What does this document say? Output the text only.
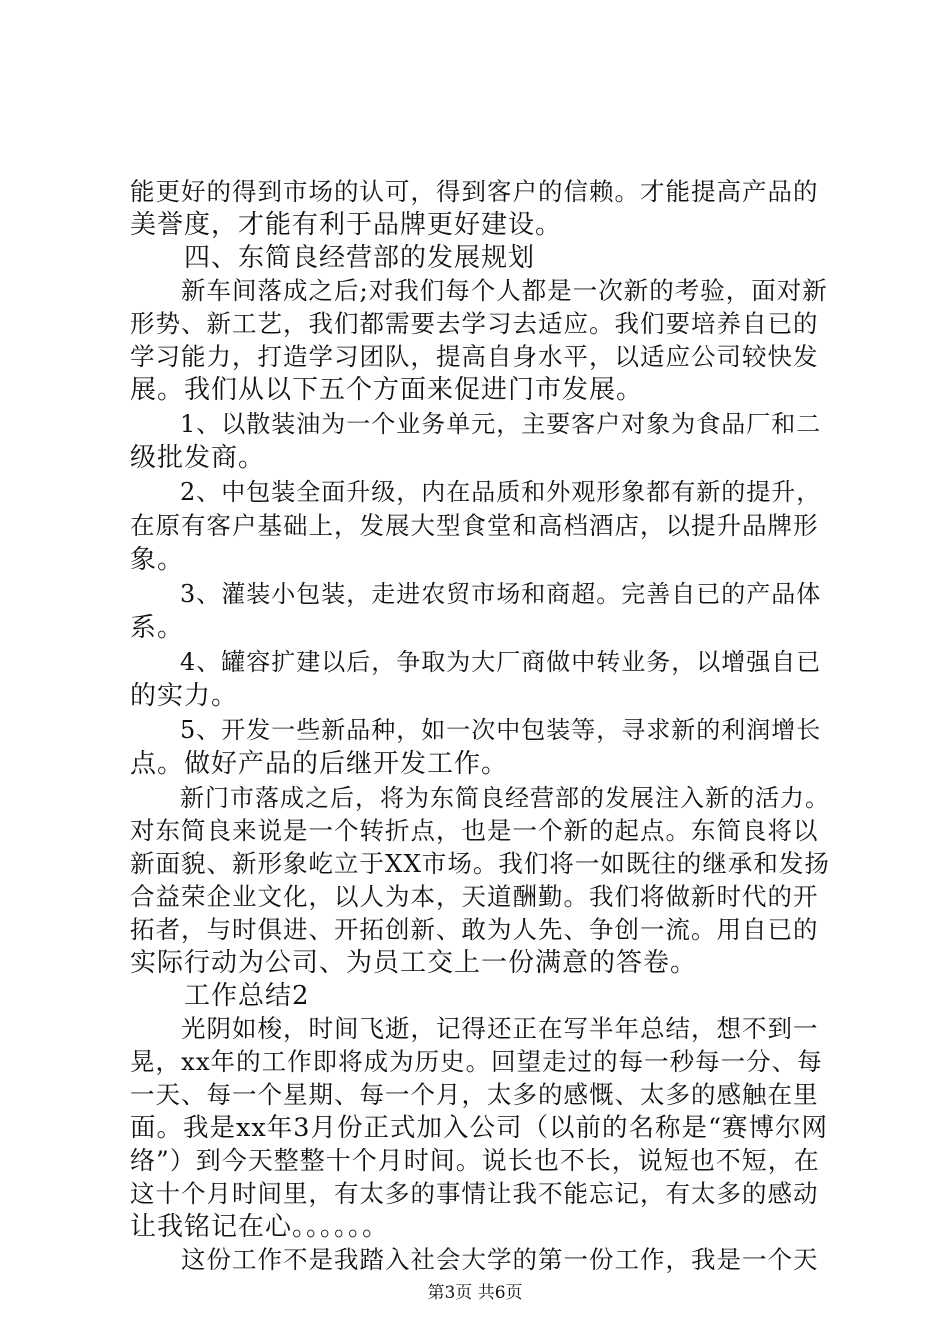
能更好的得到市场的认可，得到客户的信赖。才能提高产品的
美誉度，才能有利于品牌更好建设。
　　四、东简良经营部的发展规划
　　新车间落成之后;对我们每个人都是一次新的考验，面对新
形势、新工艺，我们都需要去学习去适应。我们要培养自已的
学习能力，打造学习团队，提高自身水平，以适应公司较快发
展。我们从以下五个方面来促进门市发展。
　　1、以散装油为一个业务单元，主要客户对象为食品厂和二
级批发商。
　　2、中包装全面升级，内在品质和外观形象都有新的提升，
在原有客户基础上，发展大型食堂和高档酒店，以提升品牌形
象。
　　3、灌装小包装，走进农贸市场和商超。完善自已的产品体
系。
　　4、罐容扩建以后，争取为大厂商做中转业务，以增强自已
的实力。
　　5、开发一些新品种，如一次中包装等，寻求新的利润增长
点。做好产品的后继开发工作。
　　新门市落成之后，将为东简良经营部的发展注入新的活力。
对东简良来说是一个转折点，也是一个新的起点。东简良将以
新面貌、新形象屹立于XX市场。我们将一如既往的继承和发扬
合益荣企业文化，以人为本，天道酬勤。我们将做新时代的开
拓者，与时俱进、开拓创新、敢为人先、争创一流。用自已的
实际行动为公司、为员工交上一份满意的答卷。
　　工作总结2
　　光阴如梭，时间飞逝，记得还正在写半年总结，想不到一
晃，xx年的工作即将成为历史。回望走过的每一秒每一分、每
一天、每一个星期、每一个月，太多的感慨、太多的感触在里
面。我是xx年3月份正式加入公司（以前的名称是“赛博尔网
络”）到今天整整十个月时间。说长也不长，说短也不短，在
这十个月时间里，有太多的事情让我不能忘记，有太多的感动
让我铭记在心。。。。。。
　　这份工作不是我踏入社会大学的第一份工作，我是一个天
第3页 共6页
